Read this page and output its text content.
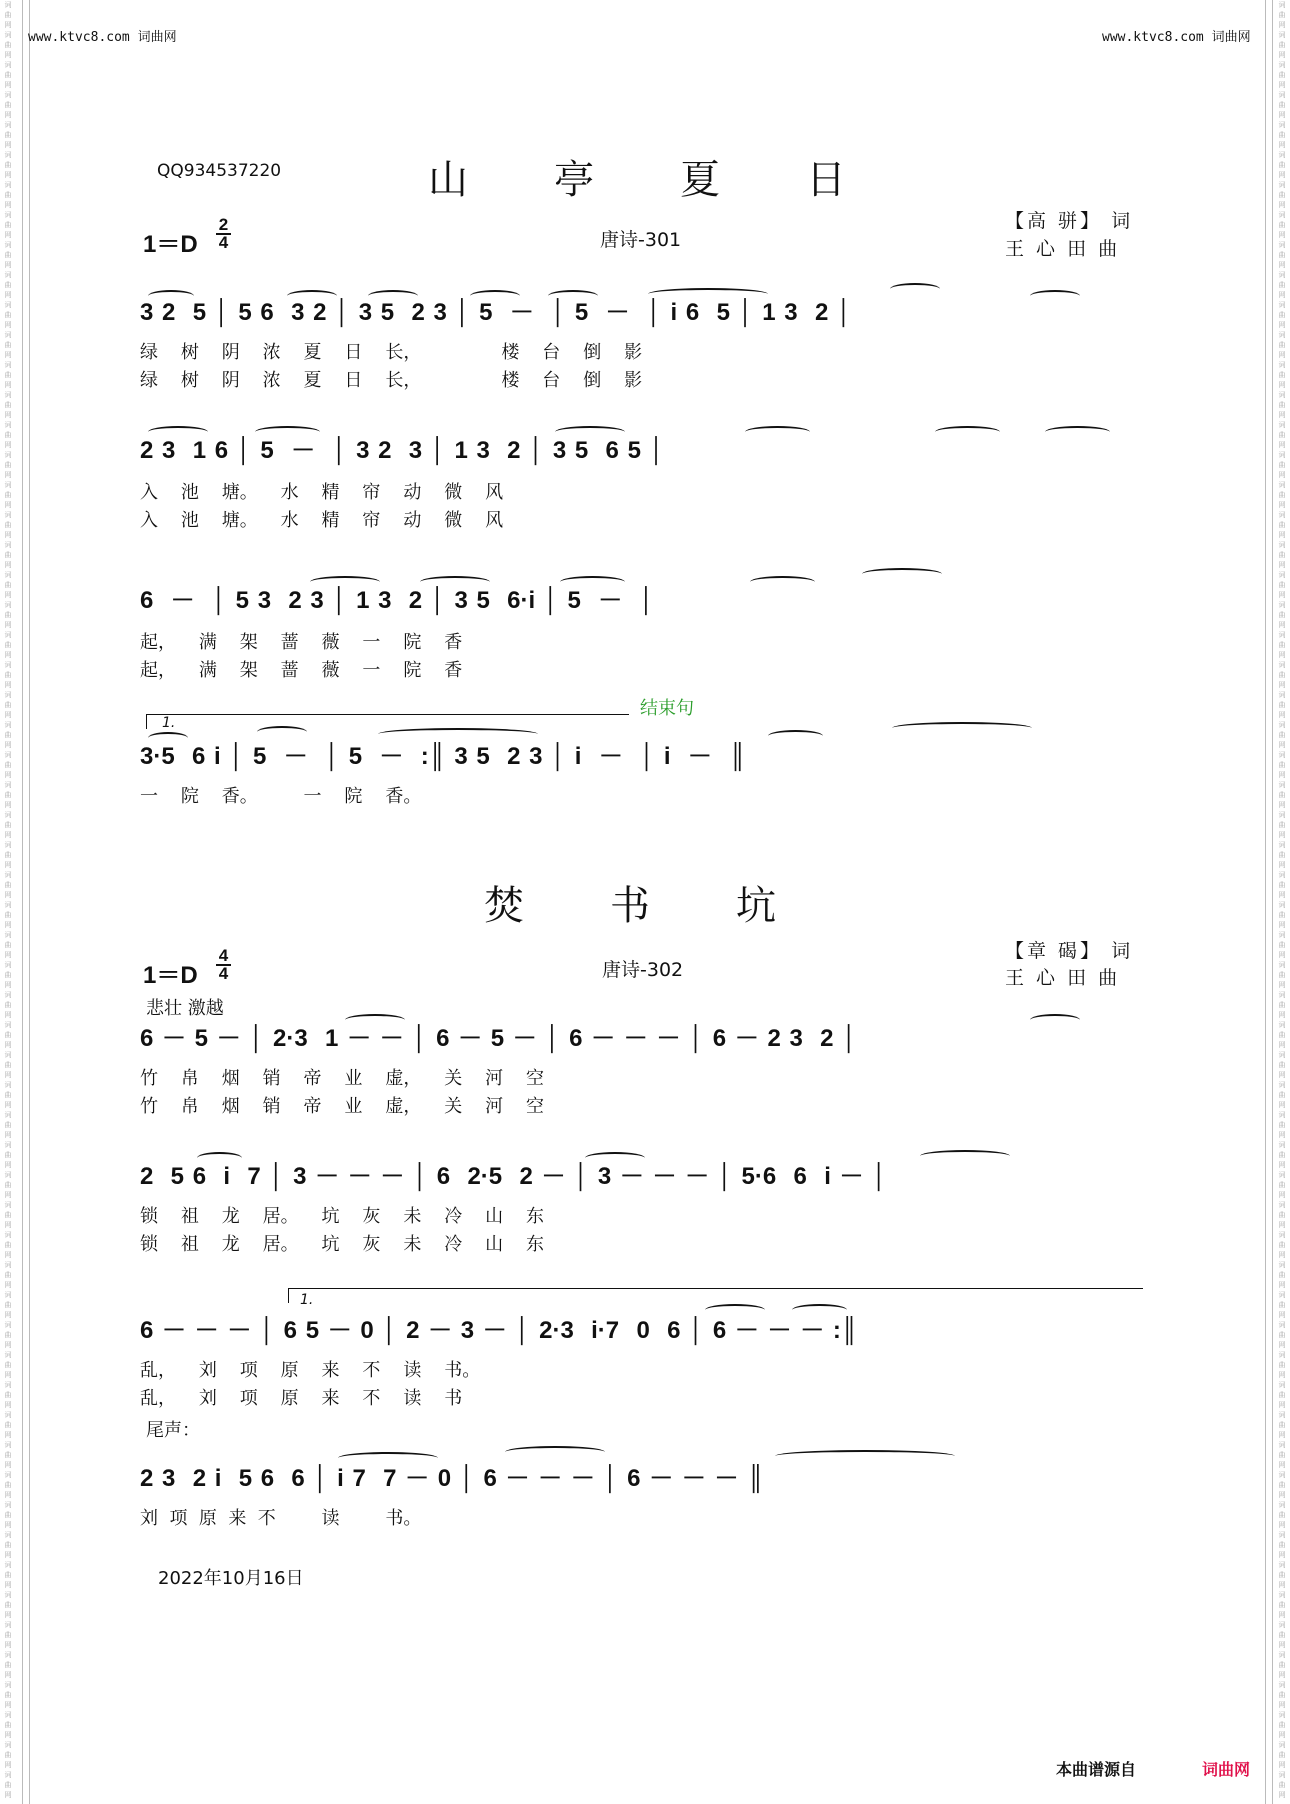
词曲网词曲网词曲网词曲网词曲网词曲网词曲网词曲网词曲网词曲网词曲网词曲网词曲网词曲网词曲网词曲网词曲网词曲网词曲网词曲网词曲网词曲网词曲网词曲网词曲网词曲网词曲网词曲网词曲网词曲网词曲网词曲网词曲网词曲网词曲网词曲网词曲网词曲网词曲网词曲网词曲网词曲网词曲网词曲网词曲网词曲网词曲网词曲网词曲网词曲网词曲网词曲网词曲网词曲网词曲网词曲网词曲网词曲网词曲网词曲网
词曲网词曲网词曲网词曲网词曲网词曲网词曲网词曲网词曲网词曲网词曲网词曲网词曲网词曲网词曲网词曲网词曲网词曲网词曲网词曲网词曲网词曲网词曲网词曲网词曲网词曲网词曲网词曲网词曲网词曲网词曲网词曲网词曲网词曲网词曲网词曲网词曲网词曲网词曲网词曲网词曲网词曲网词曲网词曲网词曲网词曲网词曲网词曲网词曲网词曲网词曲网词曲网词曲网词曲网词曲网词曲网词曲网词曲网词曲网词曲网
www.ktvc8.com 词曲网	www.ktvc8.com 词曲网
QQ934537220	山　　亭　　夏　　日
1＝D
2
4	唐诗-301
【高 骈】 词
王 心 田 曲
3 2  5 │ 5 6  3 2 │ 3 5  2 3 │ 5  －  │ 5  －  │ i 6  5 │ 1 3  2 │
绿    树    阴    浓    夏    日    长，              楼    台    倒    影
绿    树    阴    浓    夏    日    长，              楼    台    倒    影
2 3  1 6 │ 5  －  │ 3 2  3 │ 1 3  2 │ 3 5  6 5 │
入    池    塘。    水    精    帘    动    微    风
入    池    塘。    水    精    帘    动    微    风
6  －  │ 5 3  2 3 │ 1 3  2 │ 3 5  6·i │ 5  －  │
起，    满    架    蔷    薇    一    院    香
起，    满    架    蔷    薇    一    院    香
1.
结束句
3·5  6 i │ 5  －  │ 5  －  :║ 3 5  2 3 │ i  －  │ i  －  ║
一    院    香。        一    院    香。
焚　　书　　坑
1＝D
4
4	唐诗-302
【章 碣】 词
王 心 田 曲
悲壮 激越
6 － 5 － │ 2·3  1 － － │ 6 － 5 － │ 6 － － － │ 6 － 2 3  2 │
竹    帛    烟    销    帝    业    虚，    关    河    空
竹    帛    烟    销    帝    业    虚，    关    河    空
2  5 6  i  7 │ 3 － － － │ 6  2·5  2 － │ 3 － － － │ 5·6  6  i － │
锁    祖    龙    居。    坑    灰    未    冷    山    东
锁    祖    龙    居。    坑    灰    未    冷    山    东
1.
6 － － － │ 6 5 － 0 │ 2 － 3 － │ 2·3  i·7  0  6 │ 6 － － － :║
乱，    刘    项    原    来    不    读    书。
乱，    刘    项    原    来    不    读    书
尾声：
2 3  2 i  5 6  6 │ i 7  7 － 0 │ 6 － － － │ 6 － － － ║
刘  项  原  来  不        读        书。
2022年10月16日
本曲谱源自	词曲网
